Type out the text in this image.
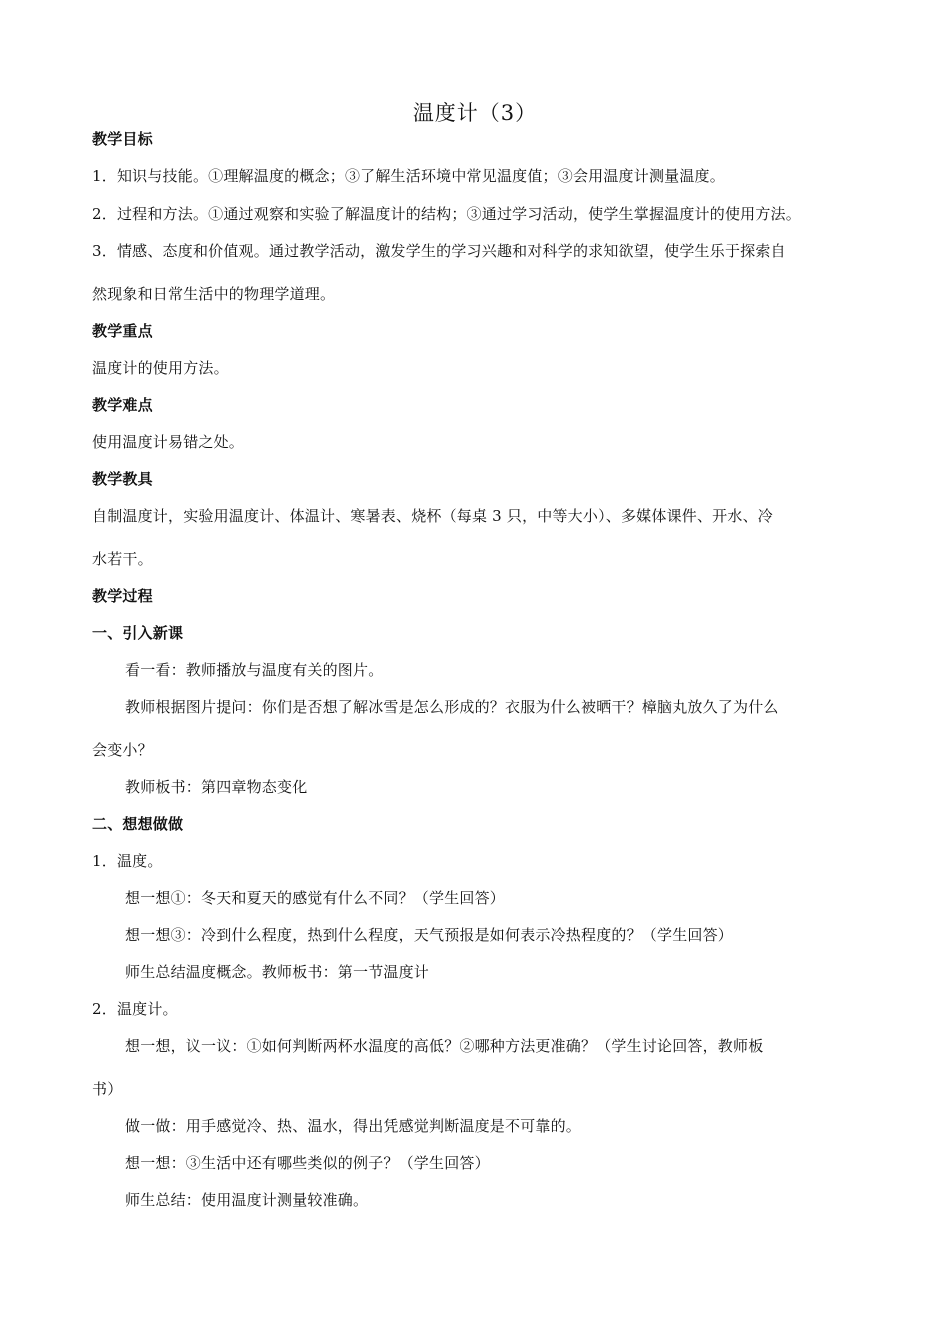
温度计（3）
教学目标
1．知识与技能。①理解温度的概念；③了解生活环境中常见温度值；③会用温度计测量温度。
2．过程和方法。①通过观察和实验了解温度计的结构；③通过学习活动，使学生掌握温度计的使用方法。
3．情感、态度和价值观。通过教学活动，激发学生的学习兴趣和对科学的求知欲望，使学生乐于探索自
然现象和日常生活中的物理学道理。
教学重点
温度计的使用方法。
教学难点
使用温度计易错之处。
教学教具
自制温度计，实验用温度计、体温计、寒暑表、烧杯（每桌 3 只，中等大小）、多媒体课件、开水、冷
水若干。
教学过程
一、引入新课
看一看：教师播放与温度有关的图片。
教师根据图片提问：你们是否想了解冰雪是怎么形成的？衣服为什么被晒干？樟脑丸放久了为什么
会变小？
教师板书：第四章物态变化
二、想想做做
1．温度。
想一想①：冬天和夏天的感觉有什么不同？（学生回答）
想一想③：冷到什么程度，热到什么程度，天气预报是如何表示冷热程度的？（学生回答）
师生总结温度概念。教师板书：第一节温度计
2．温度计。
想一想，议一议：①如何判断两杯水温度的高低？②哪种方法更准确？（学生讨论回答，教师板
书）
做一做：用手感觉冷、热、温水，得出凭感觉判断温度是不可靠的。
想一想：③生活中还有哪些类似的例子？（学生回答）
师生总结：使用温度计测量较准确。
